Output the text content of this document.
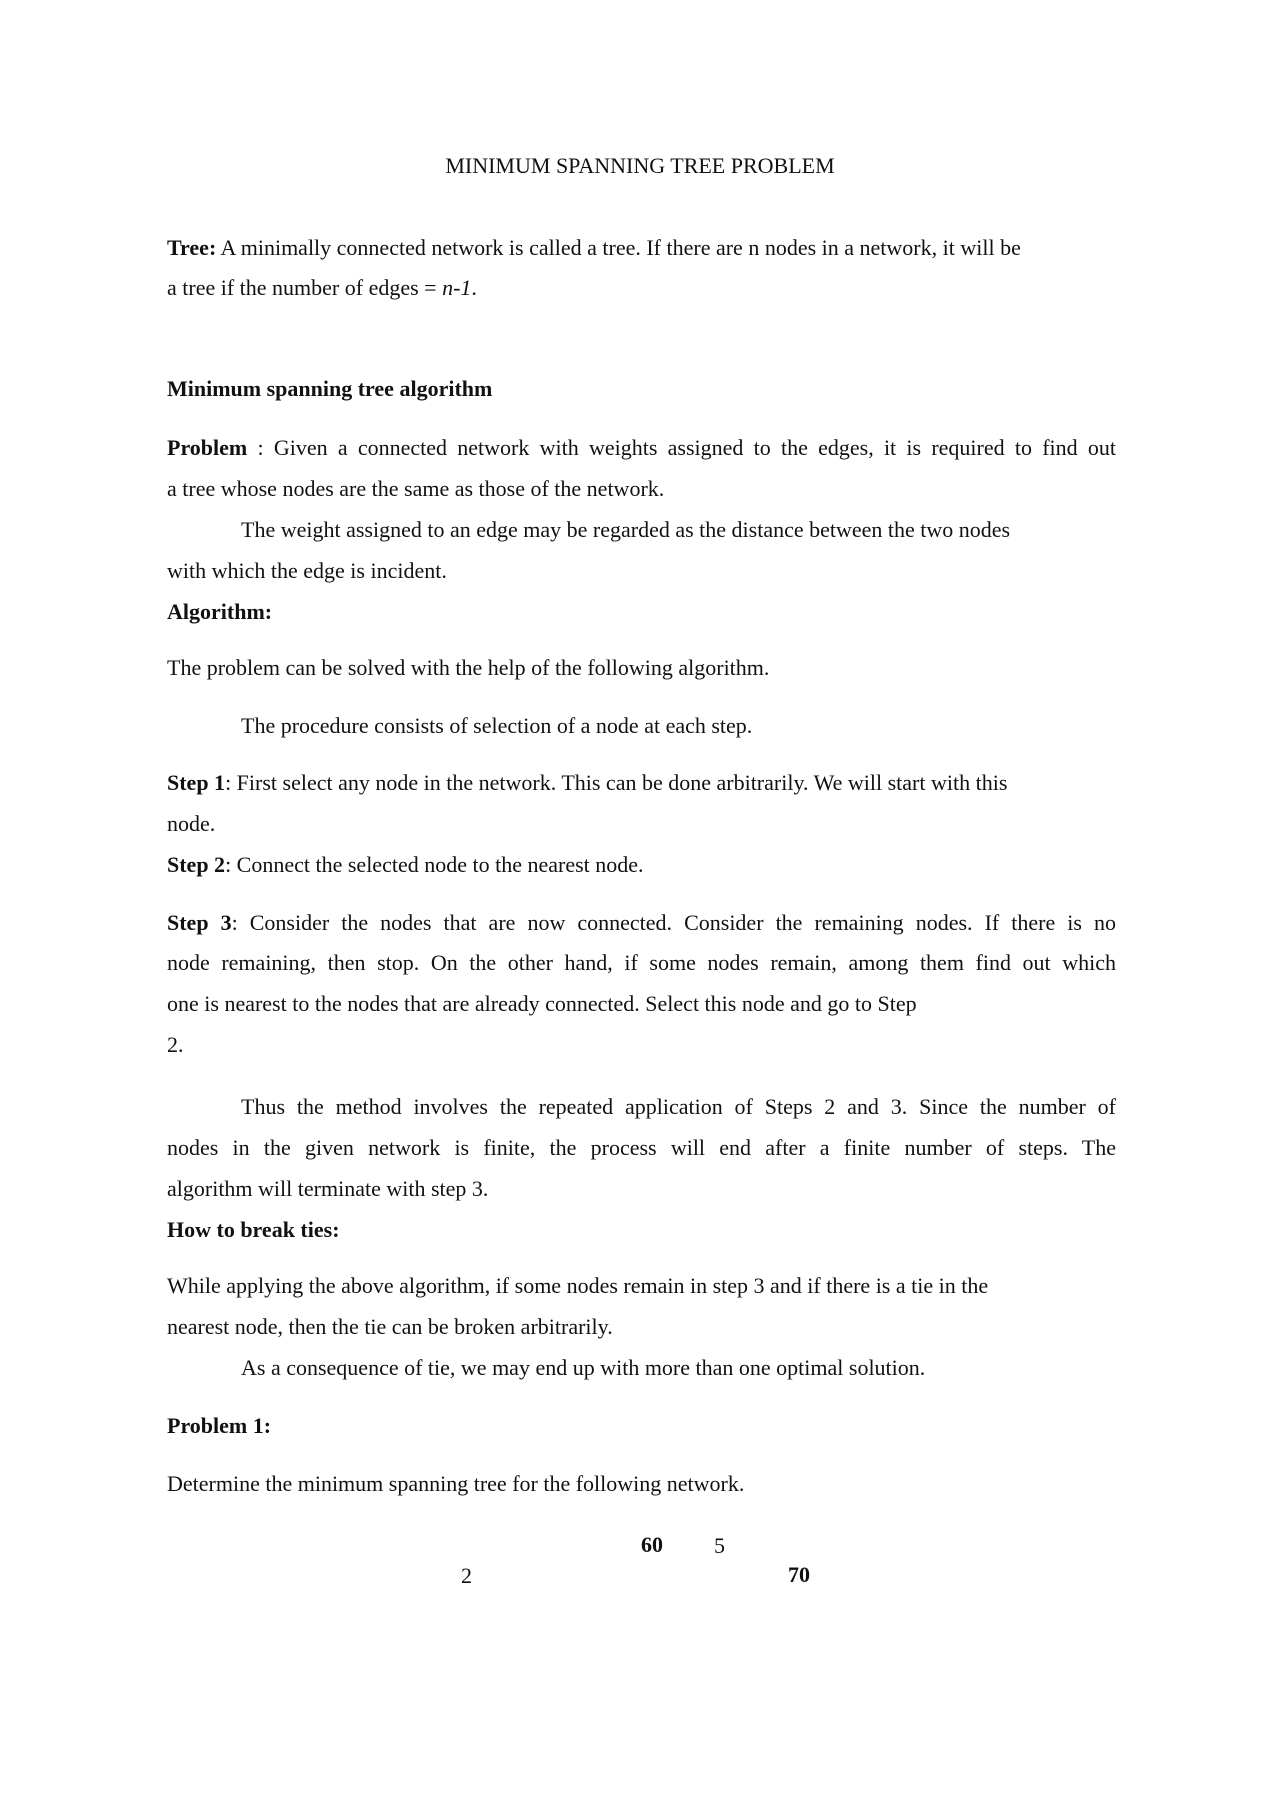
MINIMUM SPANNING TREE PROBLEM
Tree: A minimally connected network is called a tree. If there are n nodes in a network, it will be
a tree if the number of edges = n-1.
Minimum spanning tree algorithm
Problem : Given a connected network with weights assigned to the edges, it is required to find out
a tree whose nodes are the same as those of the network.
The weight assigned to an edge may be regarded as the distance between the two nodes
with which the edge is incident.
Algorithm:
The problem can be solved with the help of the following algorithm.
The procedure consists of selection of a node at each step.
Step 1: First select any node in the network. This can be done arbitrarily. We will start with this
node.
Step 2: Connect the selected node to the nearest node.
Step 3: Consider the nodes that are now connected. Consider the remaining nodes. If there is no
node remaining, then stop. On the other hand, if some nodes remain, among them find out which
one is nearest to the nodes that are already connected. Select this node and go to Step
2.
Thus the method involves the repeated application of Steps 2 and 3. Since the number of
nodes in the given network is finite, the process will end after a finite number of steps. The
algorithm will terminate with step 3.
How to break ties:
While applying the above algorithm, if some nodes remain in step 3 and if there is a tie in the
nearest node, then the tie can be broken arbitrarily.
As a consequence of tie, we may end up with more than one optimal solution.
Problem 1:
Determine the minimum spanning tree for the following network.
60 5
2	70
